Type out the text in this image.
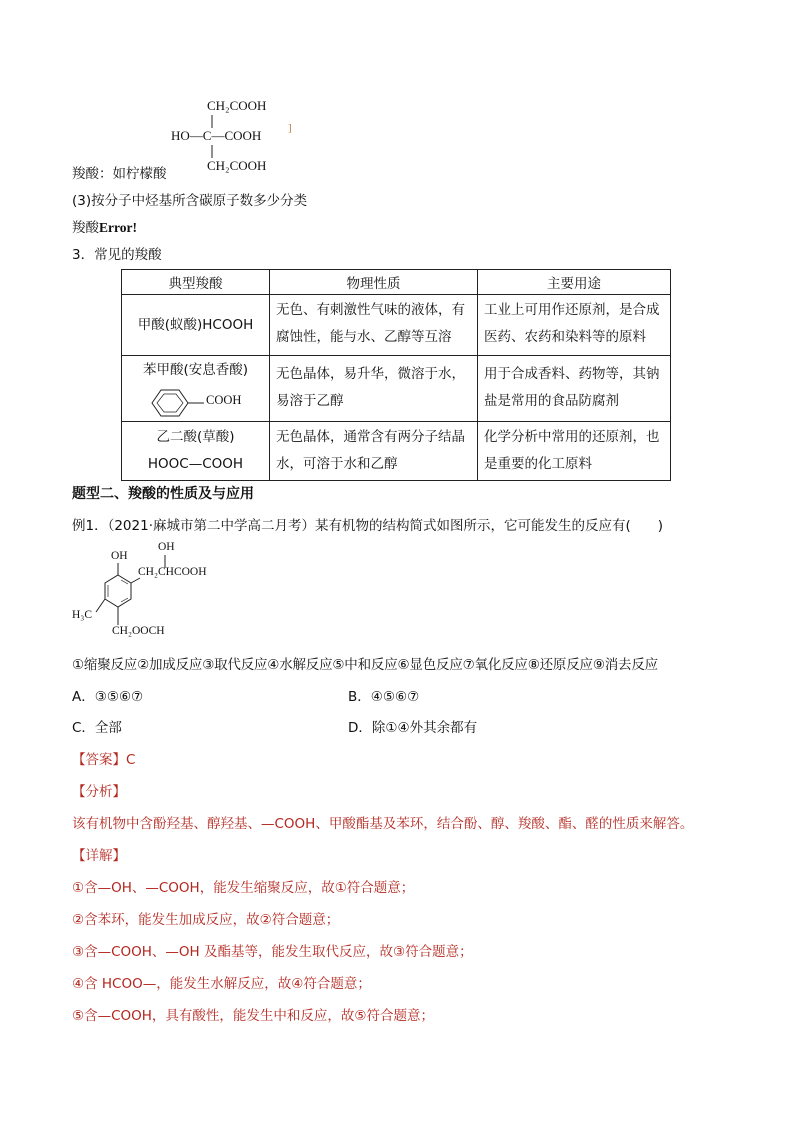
CH₂COOH
HO—C—COOH
CH₂COOH
]
羧酸：如柠檬酸
(3)按分子中烃基所含碳原子数多少分类
羧酸Error!
3．常见的羧酸
典型羧酸	物理性质	主要用途

甲酸(蚁酸)HCOOH	无色、有刺激性气味的液体，有腐蚀性，能与水、乙醇等互溶	工业上可用作还原剂，是合成医药、农药和染料等的原料

苯甲酸(安息香酸)
COOH	无色晶体，易升华，微溶于水，易溶于乙醇	用于合成香料、药物等，其钠盐是常用的食品防腐剂

乙二酸(草酸)
HOOC—COOH	无色晶体，通常含有两分子结晶水，可溶于水和乙醇	化学分析中常用的还原剂，也是重要的化工原料
题型二、羧酸的性质及与应用
例1．（2021·麻城市第二中学高二月考）某有机物的结构简式如图所示，它可能发生的反应有(　　)
OH
OH
CH₂CHCOOH
H₃C
CH₂OOCH
①缩聚反应②加成反应③取代反应④水解反应⑤中和反应⑥显色反应⑦氧化反应⑧还原反应⑨消去反应
A．③⑤⑥⑦	B．④⑤⑥⑦
C．全部	D．除①④外其余都有
【答案】C
【分析】
该有机物中含酚羟基、醇羟基、—COOH、甲酸酯基及苯环，结合酚、醇、羧酸、酯、醛的性质来解答。
【详解】
①含—OH、—COOH，能发生缩聚反应，故①符合题意；
②含苯环，能发生加成反应，故②符合题意；
③含—COOH、—OH 及酯基等，能发生取代反应，故③符合题意；
④含 HCOO—，能发生水解反应，故④符合题意；
⑤含—COOH，具有酸性，能发生中和反应，故⑤符合题意；
